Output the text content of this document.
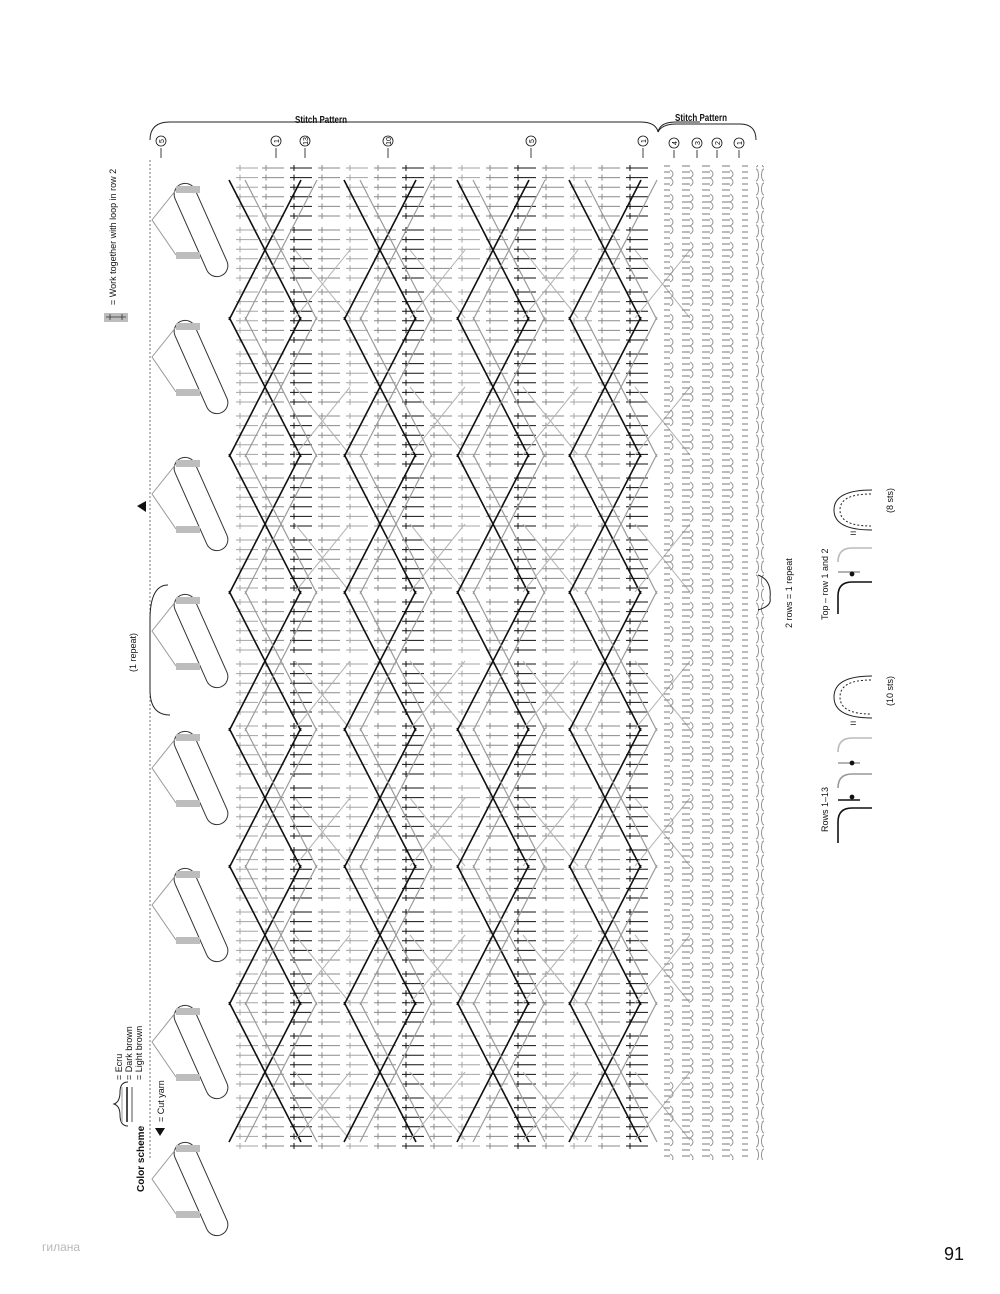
5	1	13	10	5	1
4 3 2 1
Stitch Pattern	Stitch Pattern
= Work together with loop in row 2
(1 repeat)
2 rows = 1 repeat	Top – row 1 and 2
(8 sts)
=
Rows 1–13
(10 sts)
=
Color scheme
= Ecru = Dark brown = Light brown
= Cut yarn
гилана	91
